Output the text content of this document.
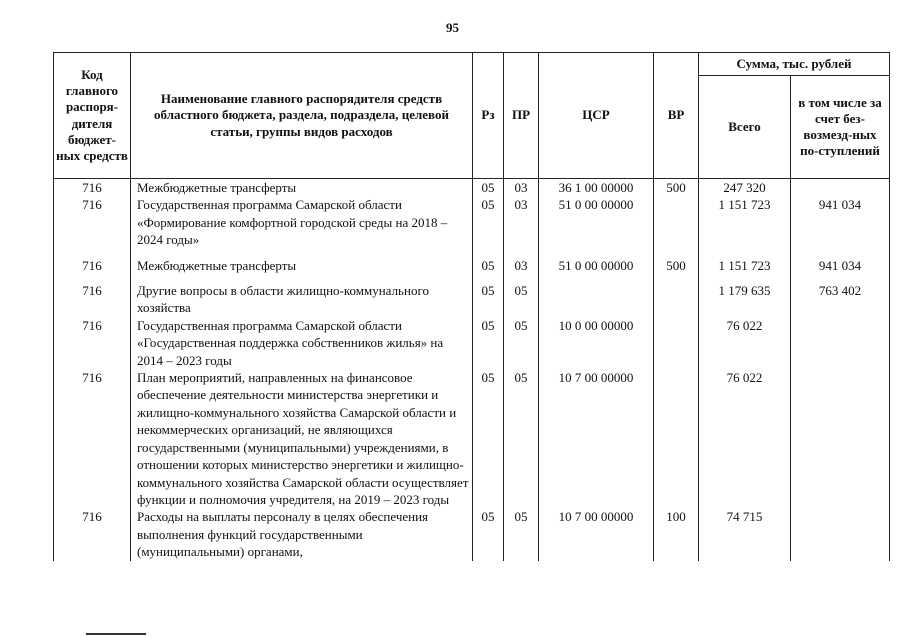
95
Код главного распоря-дителя бюджет-ных средств	Наименование главного распорядителя средств областного бюджета, раздела, подраздела, целевой статьи, группы видов расходов	Рз	ПР	ЦСР	ВР	Сумма, тыс. рублей	
						Всего	в том числе за счет без-возмезд-ных по-ступлений
716	Межбюджетные трансферты	05	03	36 1 00 00000	500	247 320	
716	Государственная программа Самарской области «Формирование комфортной городской среды на 2018 – 2024 годы»	05	03	51 0 00 00000		1 151 723	941 034
716	Межбюджетные трансферты	05	03	51 0 00 00000	500	1 151 723	941 034
716	Другие вопросы в области жилищно-коммунального хозяйства	05	05			1 179 635	763 402
716	Государственная программа Самарской области «Государственная поддержка собственников жилья» на 2014 – 2023 годы	05	05	10 0 00 00000		76 022	
716	План мероприятий, направленных на финансовое обеспечение деятельности министерства энергетики и жилищно-коммунального хозяйства Самарской области и некоммерческих организаций, не являющихся государственными (муниципальными) учреждениями, в отношении которых министерство энергетики и жилищно-коммунального хозяйства Самарской области осуществляет функции и полномочия учредителя, на 2019 – 2023 годы	05	05	10 7 00 00000		76 022	
716	Расходы на выплаты персоналу в целях обеспечения выполнения функций государственными (муниципальными) органами,	05	05	10 7 00 00000	100	74 715	
